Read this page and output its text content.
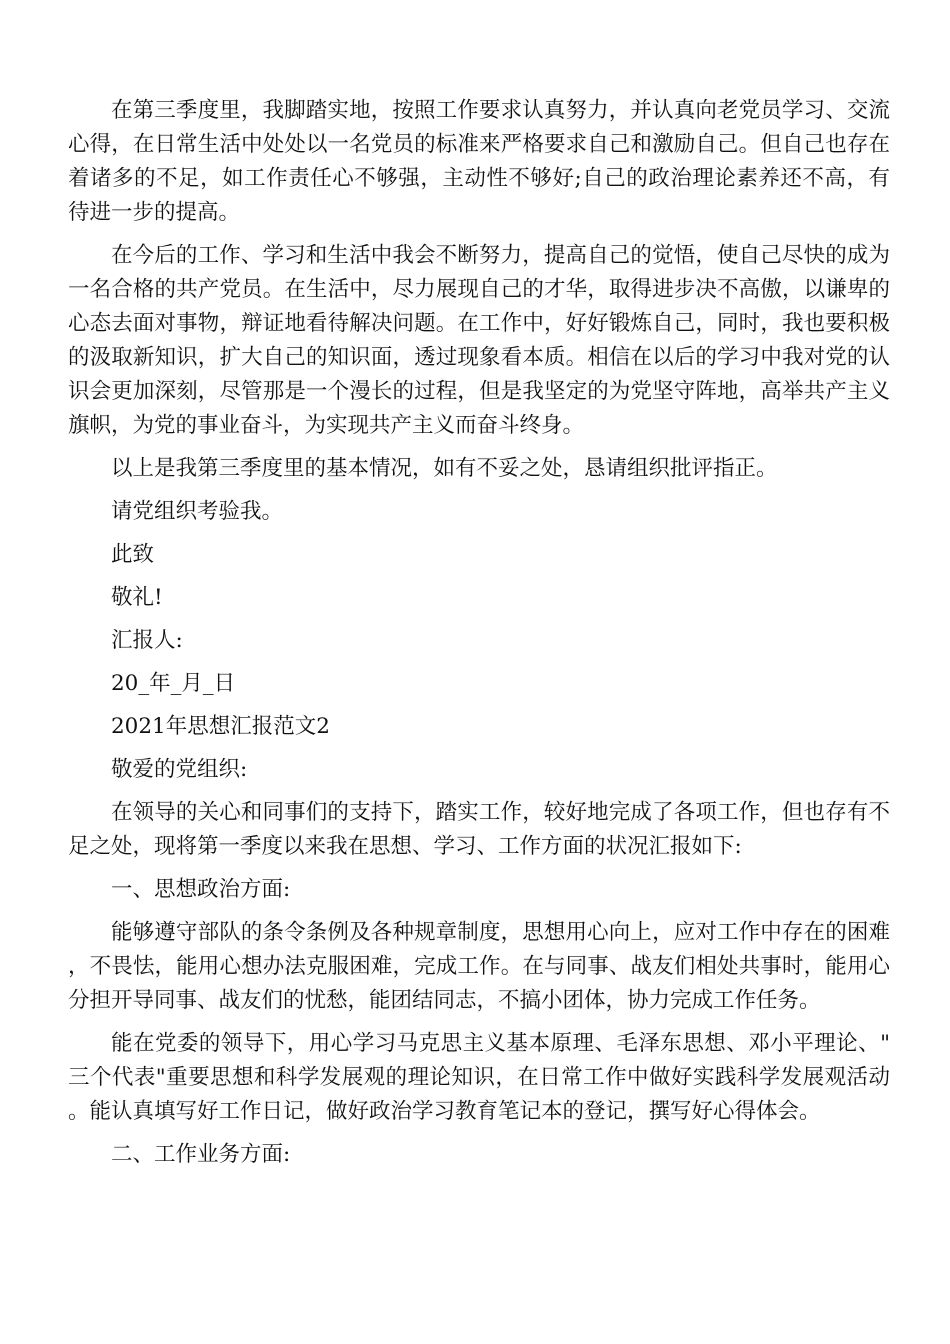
在第三季度里，我脚踏实地，按照工作要求认真努力，并认真向老党员学习、交流心得，在日常生活中处处以一名党员的标准来严格要求自己和激励自己。但自己也存在着诸多的不足，如工作责任心不够强，主动性不够好;自己的政治理论素养还不高，有待进一步的提高。

在今后的工作、学习和生活中我会不断努力，提高自己的觉悟，使自己尽快的成为一名合格的共产党员。在生活中，尽力展现自己的才华，取得进步决不高傲，以谦卑的心态去面对事物，辩证地看待解决问题。在工作中，好好锻炼自己，同时，我也要积极的汲取新知识，扩大自己的知识面，透过现象看本质。相信在以后的学习中我对党的认识会更加深刻，尽管那是一个漫长的过程，但是我坚定的为党坚守阵地，高举共产主义旗帜，为党的事业奋斗，为实现共产主义而奋斗终身。

以上是我第三季度里的基本情况，如有不妥之处，恳请组织批评指正。
请党组织考验我。
此致
敬礼!
汇报人:
20_年_月_日
2021年思想汇报范文2
敬爱的党组织:

在领导的关心和同事们的支持下，踏实工作，较好地完成了各项工作，但也存有不足之处，现将第一季度以来我在思想、学习、工作方面的状况汇报如下:

一、思想政治方面:

能够遵守部队的条令条例及各种规章制度，思想用心向上，应对工作中存在的困难，不畏怯，能用心想办法克服困难，完成工作。在与同事、战友们相处共事时，能用心分担开导同事、战友们的忧愁，能团结同志，不搞小团体，协力完成工作任务。

能在党委的领导下，用心学习马克思主义基本原理、毛泽东思想、邓小平理论、"三个代表"重要思想和科学发展观的理论知识，在日常工作中做好实践科学发展观活动。能认真填写好工作日记，做好政治学习教育笔记本的登记，撰写好心得体会。

二、工作业务方面:
